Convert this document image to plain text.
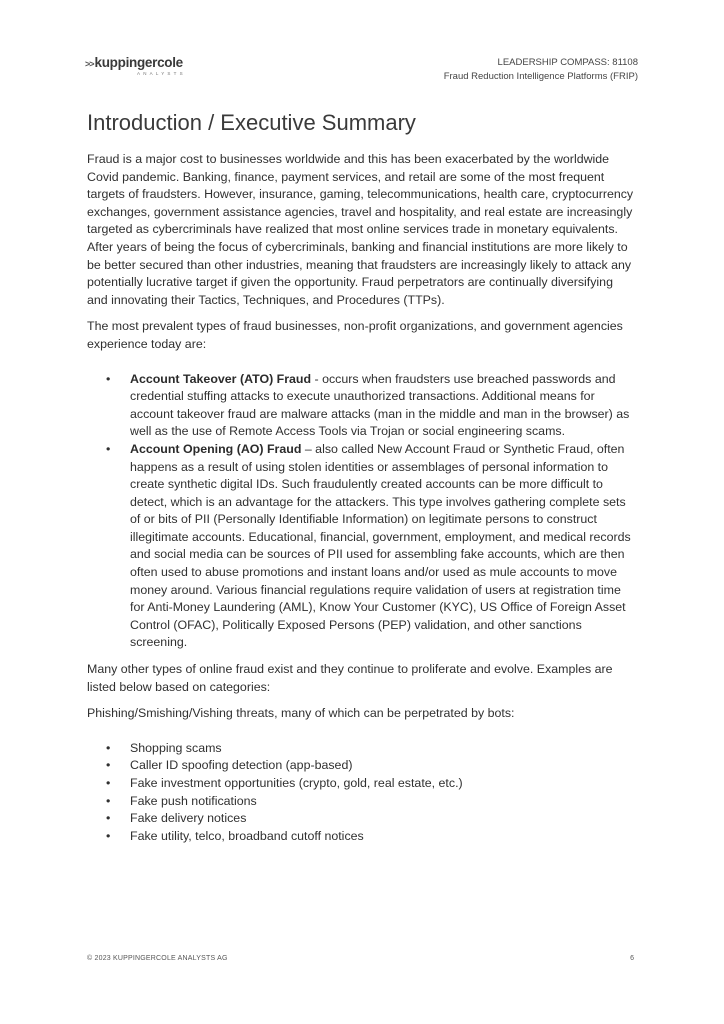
>>kuppingercole
ANALYSTS
LEADERSHIP COMPASS: 81108
Fraud Reduction Intelligence Platforms (FRIP)
Introduction / Executive Summary

Fraud is a major cost to businesses worldwide and this has been exacerbated by the worldwide Covid pandemic. Banking, finance, payment services, and retail are some of the most frequent targets of fraudsters. However, insurance, gaming, telecommunications, health care, cryptocurrency exchanges, government assistance agencies, travel and hospitality, and real estate are increasingly targeted as cybercriminals have realized that most online services trade in monetary equivalents. After years of being the focus of cybercriminals, banking and financial institutions are more likely to be better secured than other industries, meaning that fraudsters are increasingly likely to attack any potentially lucrative target if given the opportunity. Fraud perpetrators are continually diversifying and innovating their Tactics, Techniques, and Procedures (TTPs).

The most prevalent types of fraud businesses, non-profit organizations, and government agencies experience today are:

• Account Takeover (ATO) Fraud - occurs when fraudsters use breached passwords and credential stuffing attacks to execute unauthorized transactions. Additional means for account takeover fraud are malware attacks (man in the middle and man in the browser) as well as the use of Remote Access Tools via Trojan or social engineering scams.
• Account Opening (AO) Fraud – also called New Account Fraud or Synthetic Fraud, often happens as a result of using stolen identities or assemblages of personal information to create synthetic digital IDs. Such fraudulently created accounts can be more difficult to detect, which is an advantage for the attackers. This type involves gathering complete sets of or bits of PII (Personally Identifiable Information) on legitimate persons to construct illegitimate accounts. Educational, financial, government, employment, and medical records and social media can be sources of PII used for assembling fake accounts, which are then often used to abuse promotions and instant loans and/or used as mule accounts to move money around. Various financial regulations require validation of users at registration time for Anti-Money Laundering (AML), Know Your Customer (KYC), US Office of Foreign Asset Control (OFAC), Politically Exposed Persons (PEP) validation, and other sanctions screening.

Many other types of online fraud exist and they continue to proliferate and evolve. Examples are listed below based on categories:

Phishing/Smishing/Vishing threats, many of which can be perpetrated by bots:

• Shopping scams
• Caller ID spoofing detection (app-based)
• Fake investment opportunities (crypto, gold, real estate, etc.)
• Fake push notifications
• Fake delivery notices
• Fake utility, telco, broadband cutoff notices
© 2023 KUPPINGERCOLE ANALYSTS AG	6
